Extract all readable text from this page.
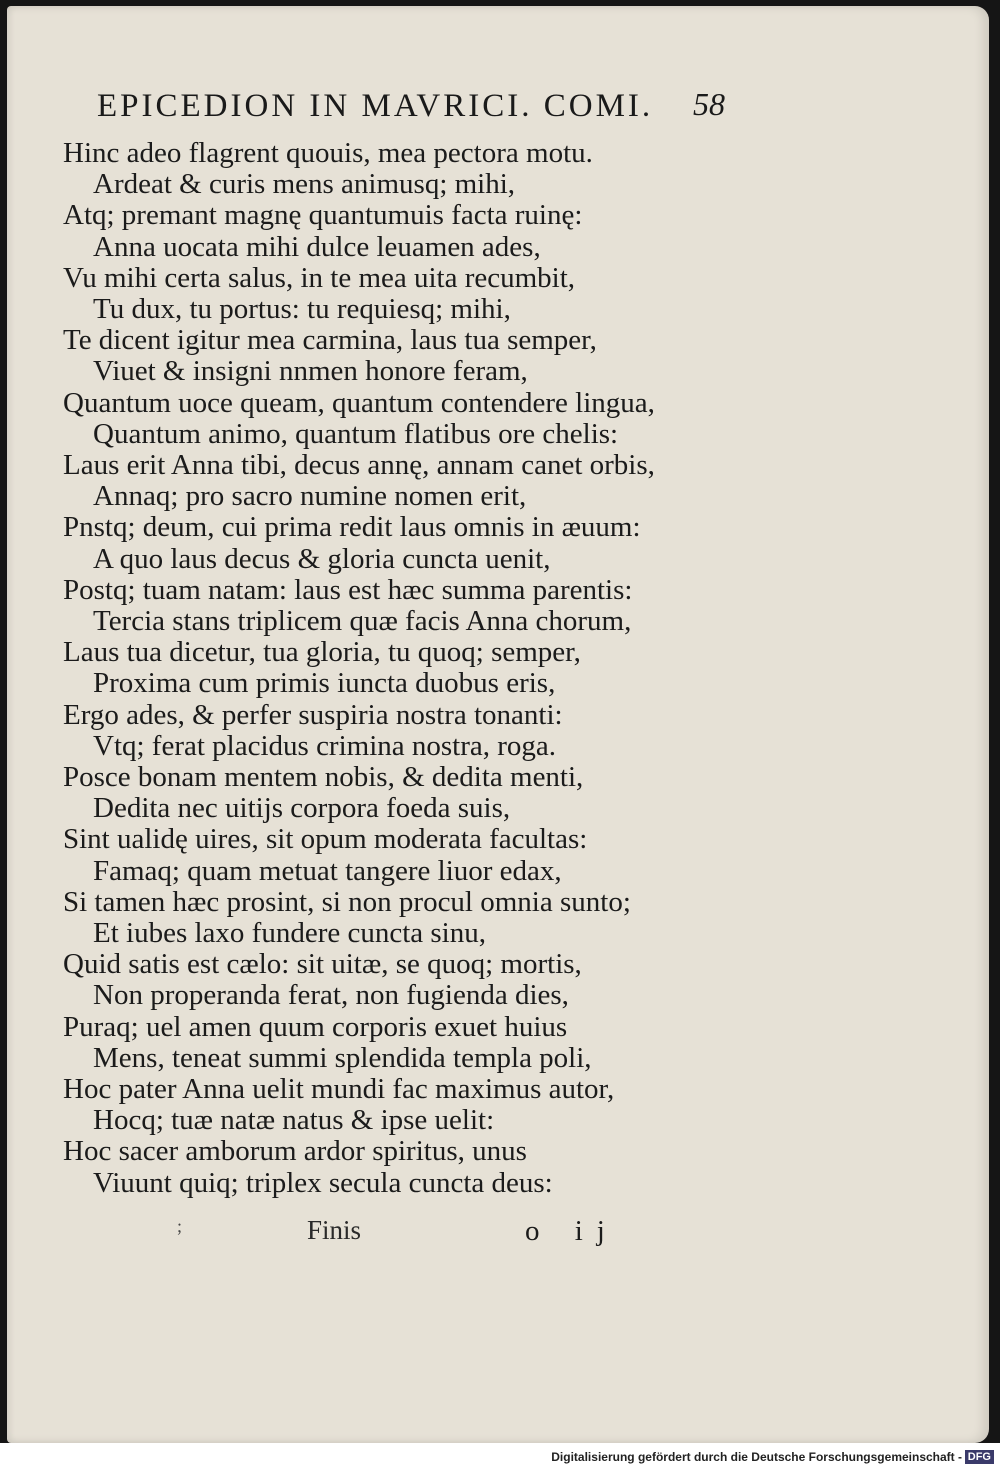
EPICEDION IN MAVRICI. COMI.	58
Hinc adeo flagrent quouis, mea pectora motu.
Ardeat & curis mens animusq; mihi,
Atq; premant magnę quantumuis facta ruinę:
Anna uocata mihi dulce leuamen ades,
Vu mihi certa salus, in te mea uita recumbit,
Tu dux, tu portus: tu requiesq; mihi,
Te dicent igitur mea carmina, laus tua semper,
Viuet & insigni nnmen honore feram,
Quantum uoce queam, quantum contendere lingua,
Quantum animo, quantum flatibus ore chelis:
Laus erit Anna tibi, decus annę, annam canet orbis,
Annaq; pro sacro numine nomen erit,
Pnstq; deum, cui prima redit laus omnis in æuum:
A quo laus decus & gloria cuncta uenit,
Postq; tuam natam: laus est hæc summa parentis:
Tercia stans triplicem quæ facis Anna chorum,
Laus tua dicetur, tua gloria, tu quoq; semper,
Proxima cum primis iuncta duobus eris,
Ergo ades, & perfer suspiria nostra tonanti:
Vtq; ferat placidus crimina nostra, roga.
Posce bonam mentem nobis, & dedita menti,
Dedita nec uitijs corpora foeda suis,
Sint ualidę uires, sit opum moderata facultas:
Famaq; quam metuat tangere liuor edax,
Si tamen hæc prosint, si non procul omnia sunto;
Et iubes laxo fundere cuncta sinu,
Quid satis est cælo: sit uitæ, se quoq; mortis,
Non properanda ferat, non fugienda dies,
Puraq; uel amen quum corporis exuet huius
Mens, teneat summi splendida templa poli,
Hoc pater Anna uelit mundi fac maximus autor,
Hocq; tuæ natæ natus & ipse uelit:
Hoc sacer amborum ardor spiritus, unus
Viuunt quiq; triplex secula cuncta deus:
;	Finis	o ij
Digitalisierung gefördert durch die Deutsche Forschungsgemeinschaft - DFG
